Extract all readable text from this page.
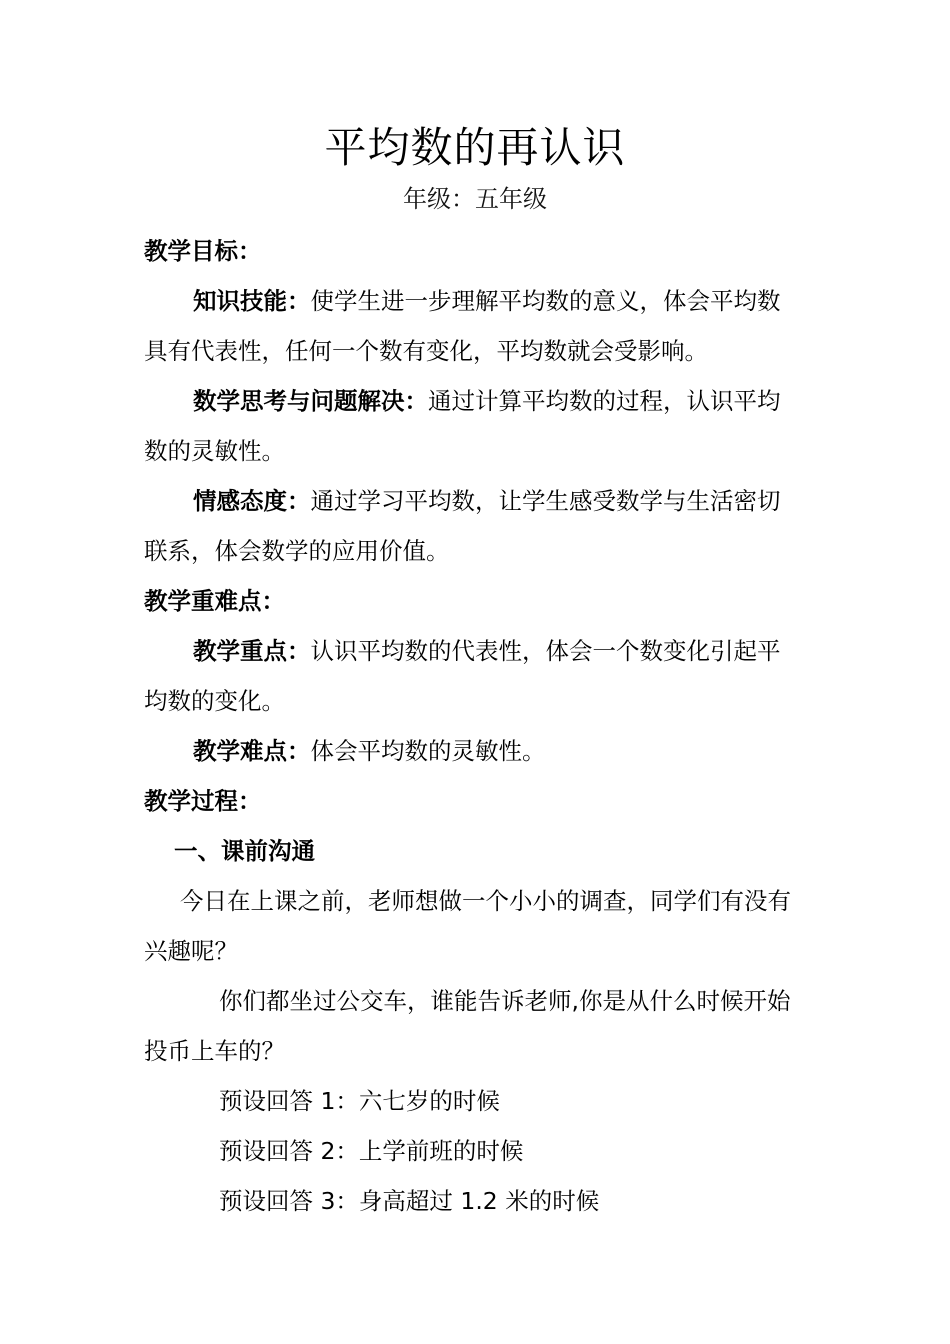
平均数的再认识
年级：五年级

教学目标：

知识技能：使学生进一步理解平均数的意义，体会平均数具有代表性，任何一个数有变化，平均数就会受影响。

数学思考与问题解决：通过计算平均数的过程，认识平均数的灵敏性。

情感态度：通过学习平均数，让学生感受数学与生活密切联系，体会数学的应用价值。

教学重难点：

教学重点：认识平均数的代表性，体会一个数变化引起平均数的变化。

教学难点：体会平均数的灵敏性。

教学过程：

一、课前沟通

今日在上课之前，老师想做一个小小的调查，同学们有没有兴趣呢？

你们都坐过公交车，谁能告诉老师,你是从什么时候开始投币上车的？

预设回答 1：六七岁的时候

预设回答 2：上学前班的时候

预设回答 3：身高超过 1.2 米的时候
